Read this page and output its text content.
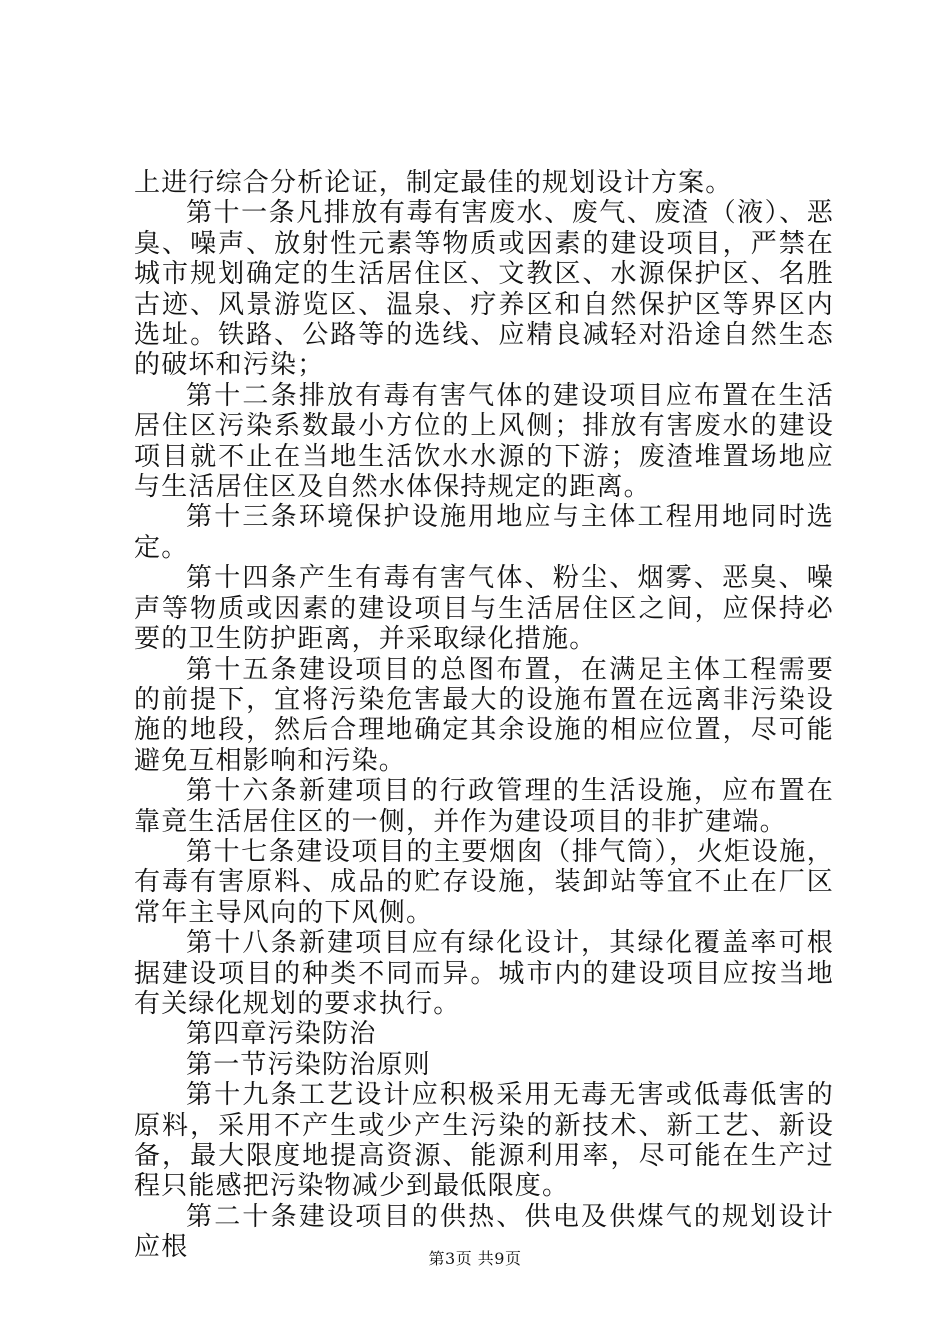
上进行综合分析论证，制定最佳的规划设计方案。

第十一条凡排放有毒有害废水、废气、废渣（液）、恶臭、噪声、放射性元素等物质或因素的建设项目，严禁在城市规划确定的生活居住区、文教区、水源保护区、名胜古迹、风景游览区、温泉、疗养区和自然保护区等界区内选址。铁路、公路等的选线、应精良减轻对沿途自然生态的破坏和污染；

第十二条排放有毒有害气体的建设项目应布置在生活居住区污染系数最小方位的上风侧；排放有害废水的建设项目就不止在当地生活饮水水源的下游；废渣堆置场地应与生活居住区及自然水体保持规定的距离。

第十三条环境保护设施用地应与主体工程用地同时选定。

第十四条产生有毒有害气体、粉尘、烟雾、恶臭、噪声等物质或因素的建设项目与生活居住区之间，应保持必要的卫生防护距离，并采取绿化措施。

第十五条建设项目的总图布置，在满足主体工程需要的前提下，宜将污染危害最大的设施布置在远离非污染设施的地段，然后合理地确定其余设施的相应位置，尽可能避免互相影响和污染。

第十六条新建项目的行政管理的生活设施，应布置在靠竟生活居住区的一侧，并作为建设项目的非扩建端。

第十七条建设项目的主要烟囱（排气筒），火炬设施，有毒有害原料、成品的贮存设施，装卸站等宜不止在厂区常年主导风向的下风侧。

第十八条新建项目应有绿化设计，其绿化覆盖率可根据建设项目的种类不同而异。城市内的建设项目应按当地有关绿化规划的要求执行。

第四章污染防治

第一节污染防治原则

第十九条工艺设计应积极采用无毒无害或低毒低害的原料，采用不产生或少产生污染的新技术、新工艺、新设备，最大限度地提高资源、能源利用率，尽可能在生产过程只能感把污染物减少到最低限度。

第二十条建设项目的供热、供电及供煤气的规划设计应根	第3页 共9页
